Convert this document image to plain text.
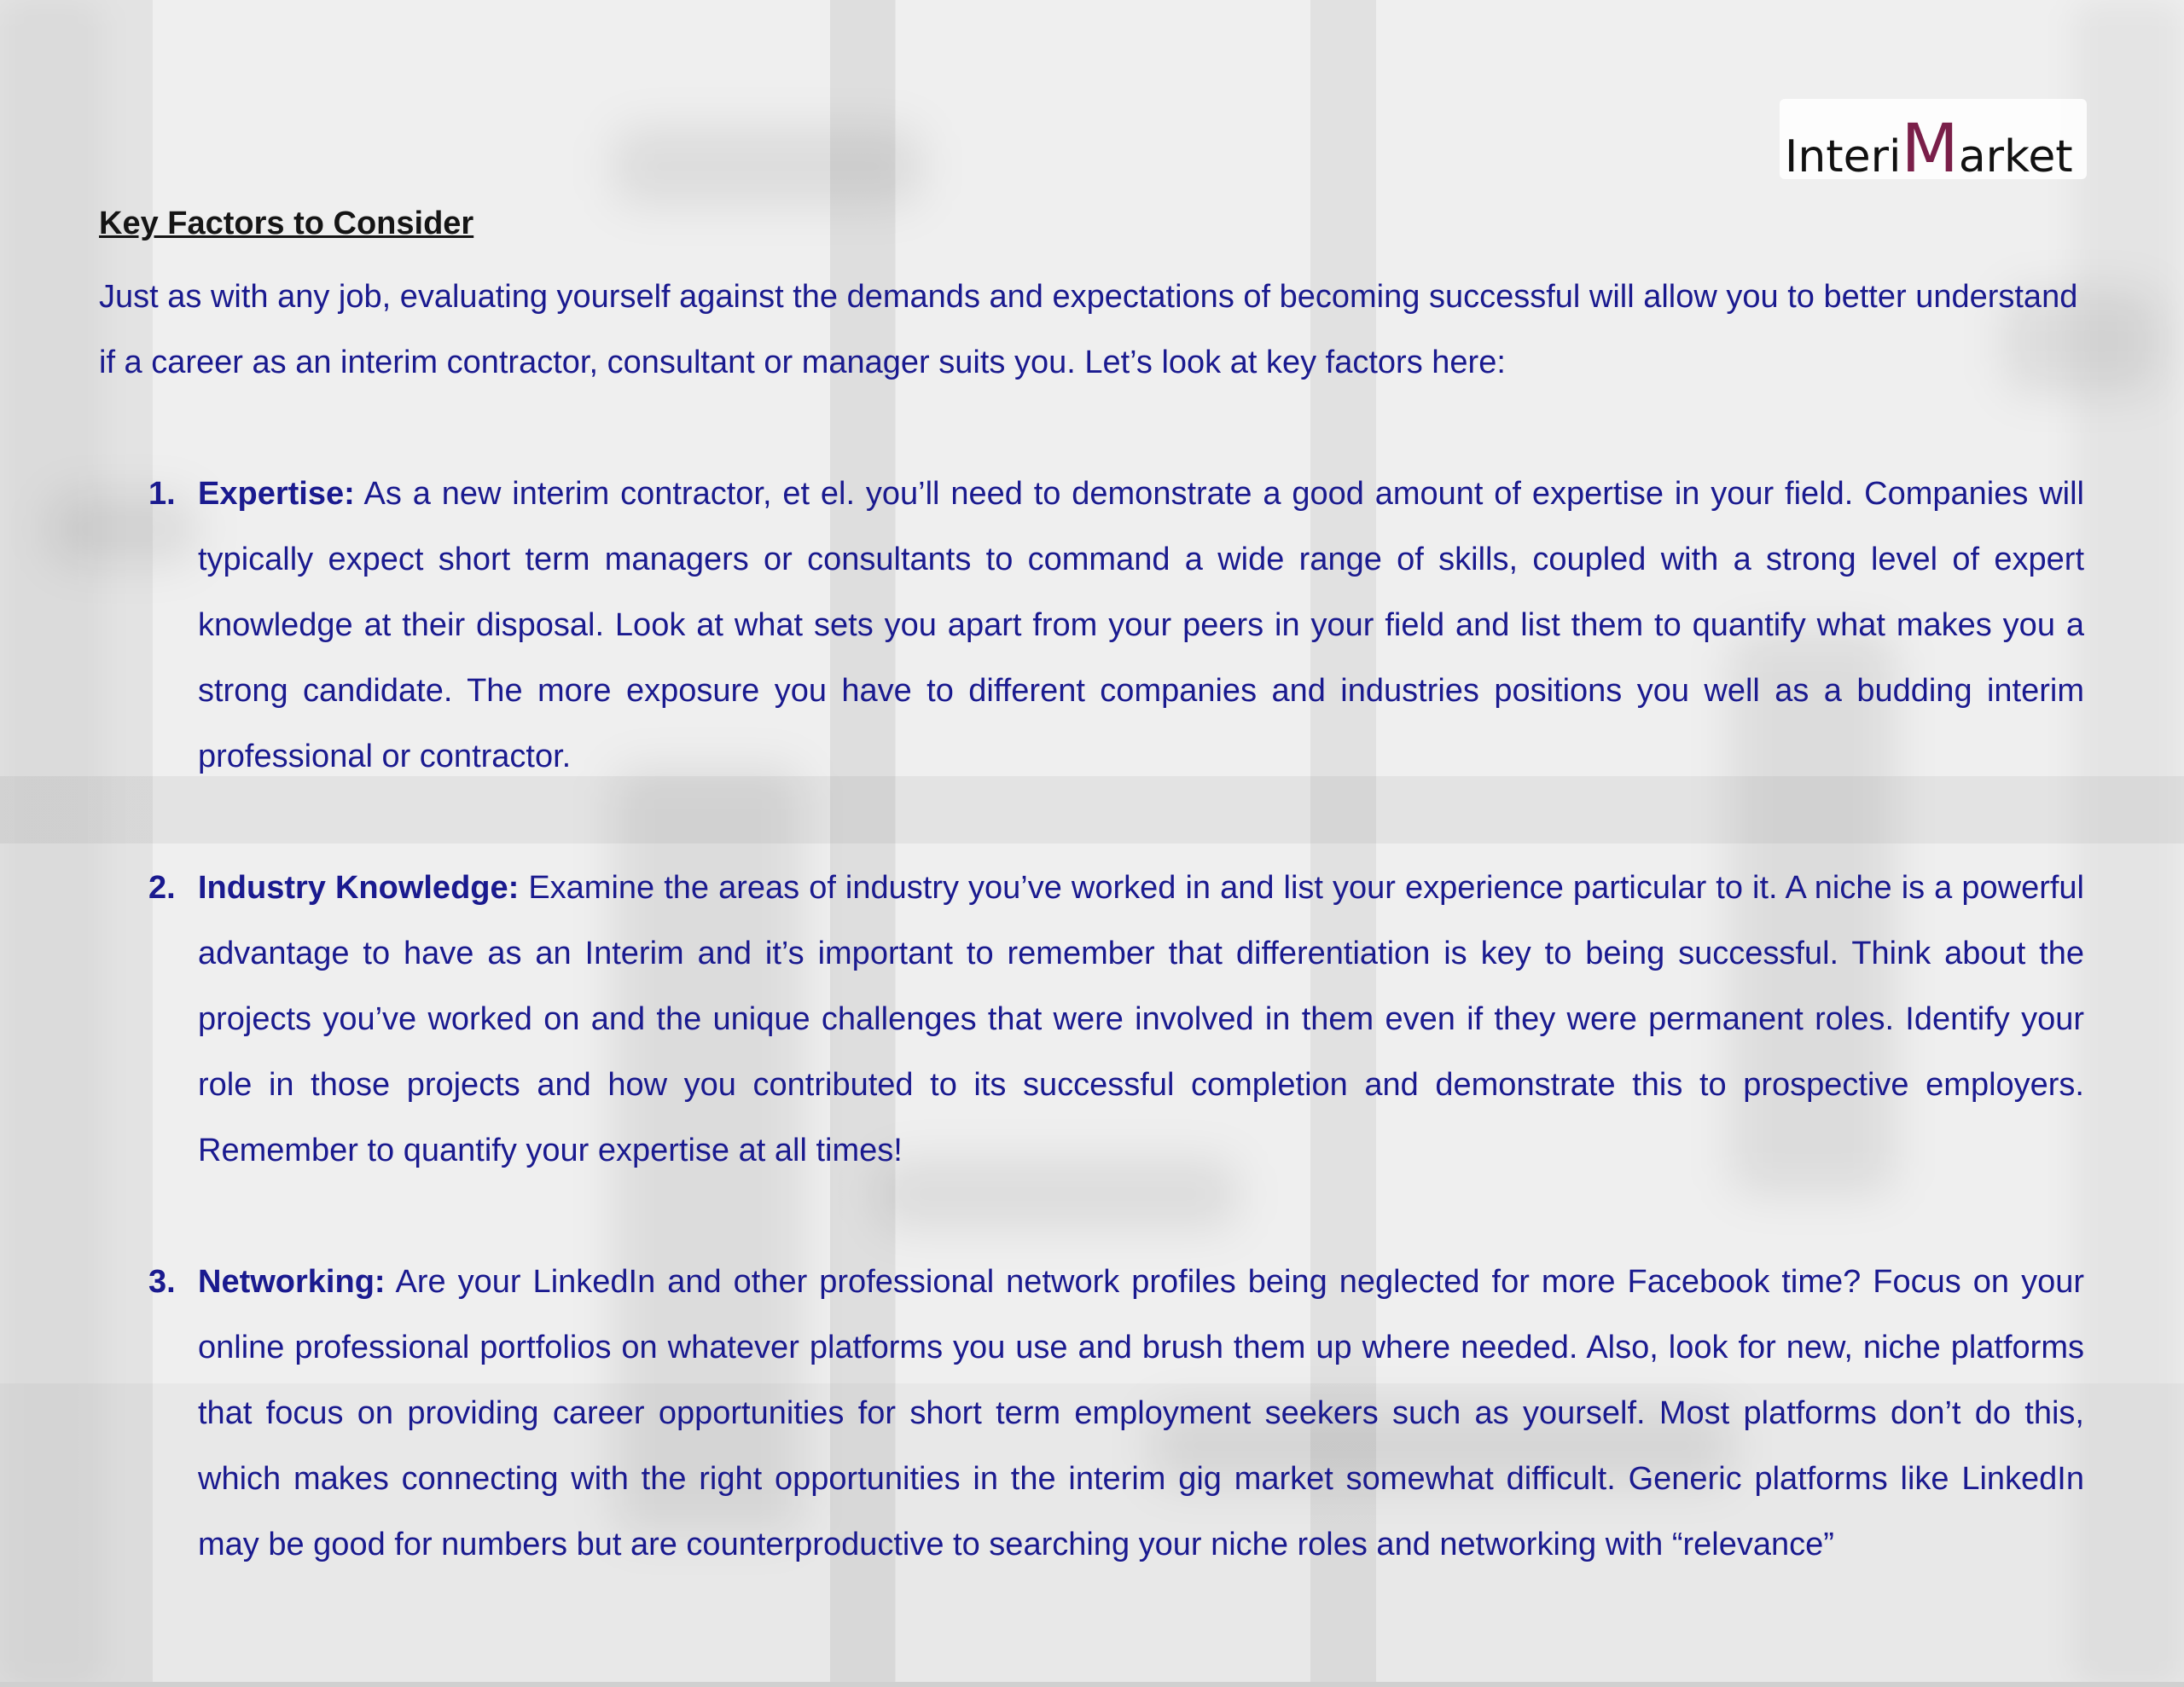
Interi M arket
Key Factors to Consider

Just as with any job, evaluating yourself against the demands and expectations of becoming successful will allow you to better understand if a career as an interim contractor, consultant or manager suits you. Let’s look at key factors here:

1. Expertise: As a new interim contractor, et el. you’ll need to demonstrate a good amount of expertise in your field. Companies will typically expect short term managers or consultants to command a wide range of skills, coupled with a strong level of expert knowledge at their disposal. Look at what sets you apart from your peers in your field and list them to quantify what makes you a strong candidate. The more exposure you have to different companies and industries positions you well as a budding interim professional or contractor.
2. Industry Knowledge: Examine the areas of industry you’ve worked in and list your experience particular to it. A niche is a powerful advantage to have as an Interim and it’s important to remember that differentiation is key to being successful. Think about the projects you’ve worked on and the unique challenges that were involved in them even if they were permanent roles. Identify your role in those projects and how you contributed to its successful completion and demonstrate this to prospective employers. Remember to quantify your expertise at all times!
3. Networking: Are your LinkedIn and other professional network profiles being neglected for more Facebook time? Focus on your online professional portfolios on whatever platforms you use and brush them up where needed. Also, look for new, niche platforms that focus on providing career opportunities for short term employment seekers such as yourself. Most platforms don’t do this, which makes connecting with the right opportunities in the interim gig market somewhat difficult. Generic platforms like LinkedIn may be good for numbers but are counterproductive to searching your niche roles and networking with “relevance”
